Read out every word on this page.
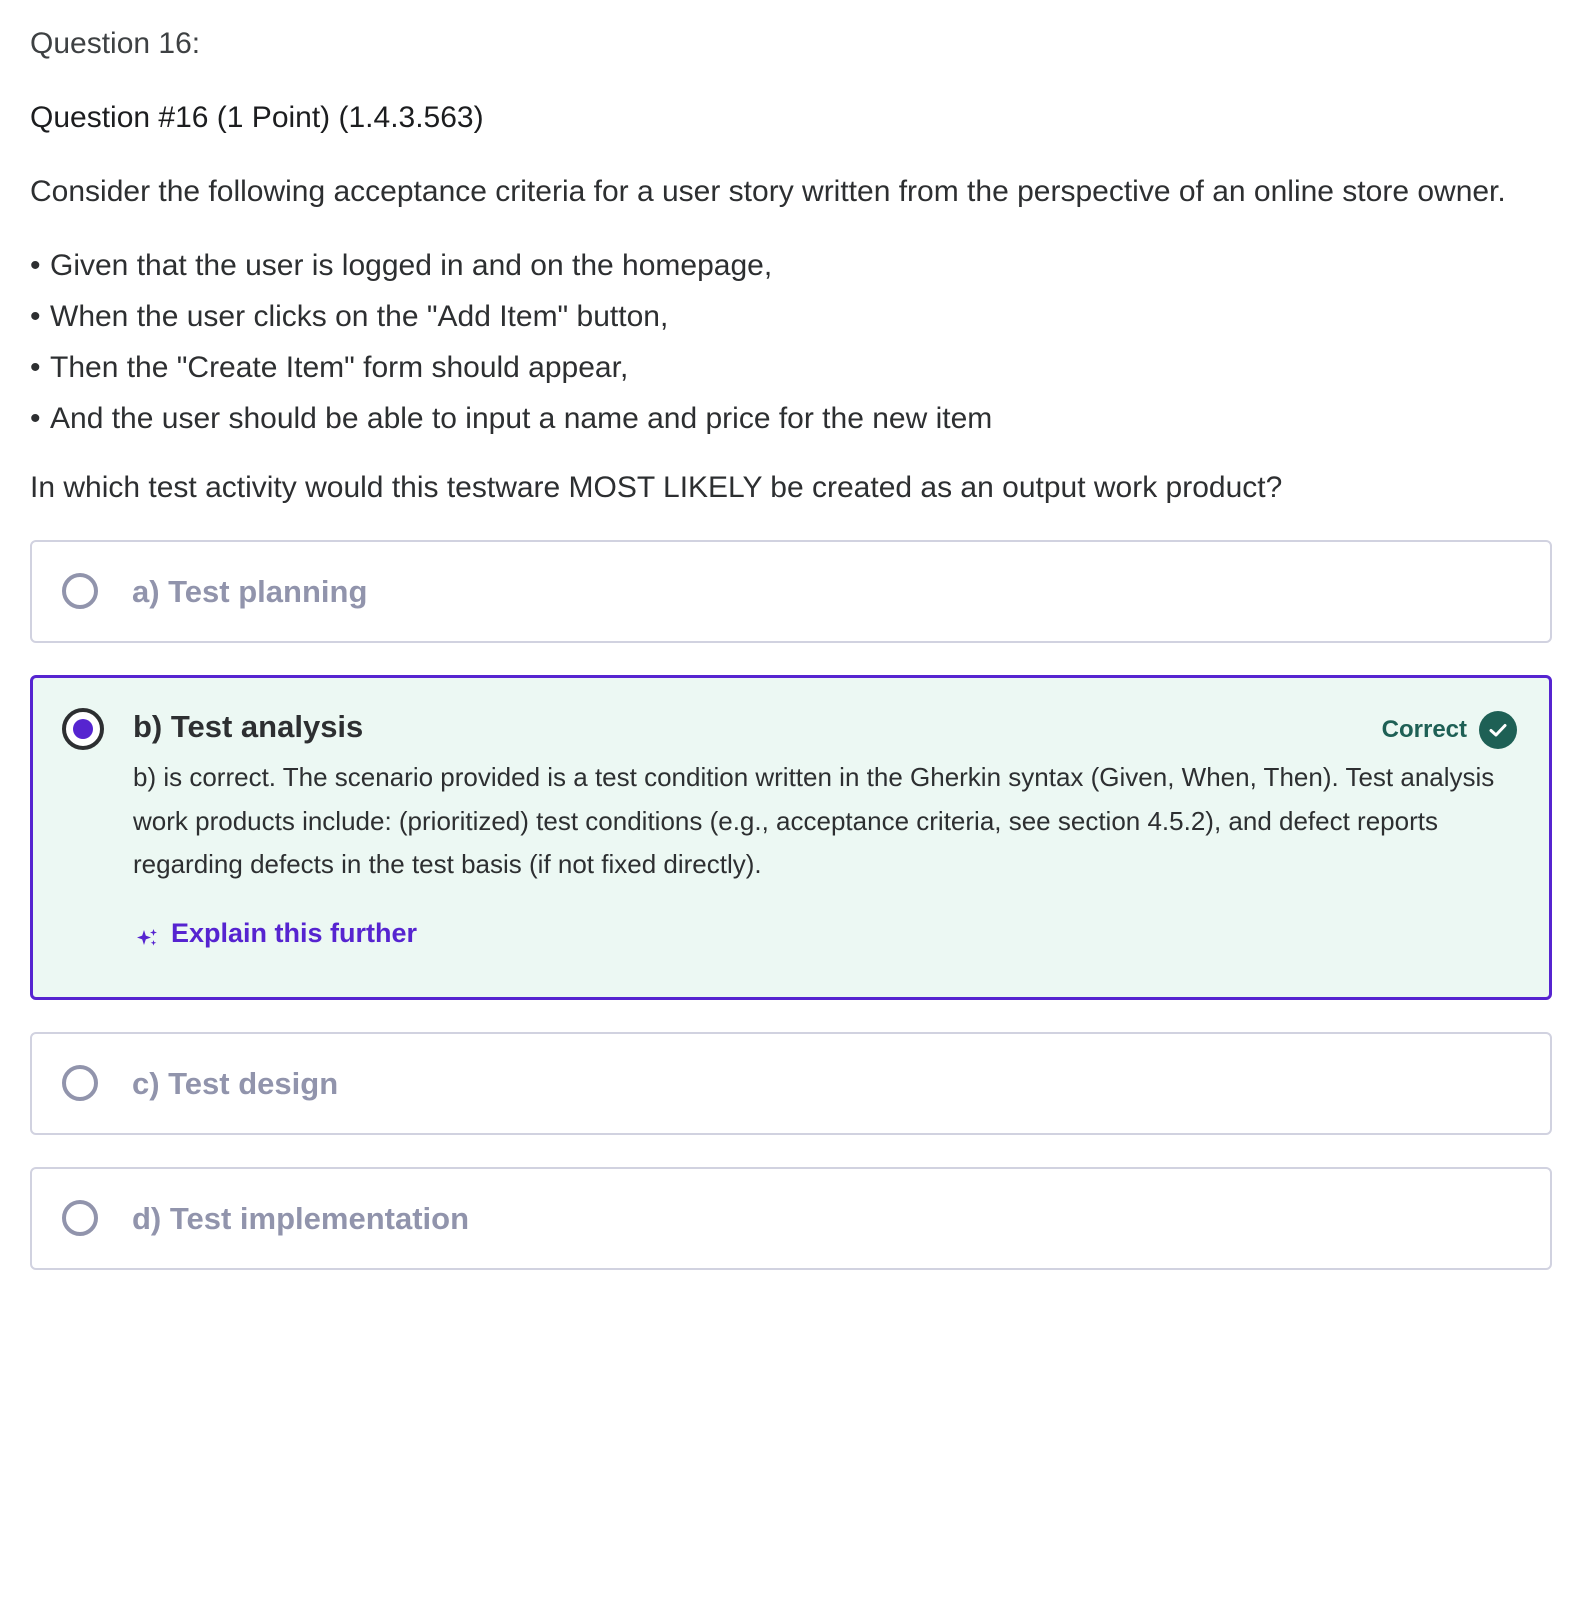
Question 16:
Question #16 (1 Point) (1.4.3.563)
Consider the following acceptance criteria for a user story written from the perspective of an online store owner.
• Given that the user is logged in and on the homepage,
• When the user clicks on the "Add Item" button,
• Then the "Create Item" form should appear,
• And the user should be able to input a name and price for the new item
In which test activity would this testware MOST LIKELY be created as an output work product?
a) Test planning
b) Test analysis	Correct
b) is correct. The scenario provided is a test condition written in the Gherkin syntax (Given, When, Then). Test analysis work products include: (prioritized) test conditions (e.g., acceptance criteria, see section 4.5.2), and defect reports regarding defects in the test basis (if not fixed directly).
Explain this further
c) Test design
d) Test implementation
